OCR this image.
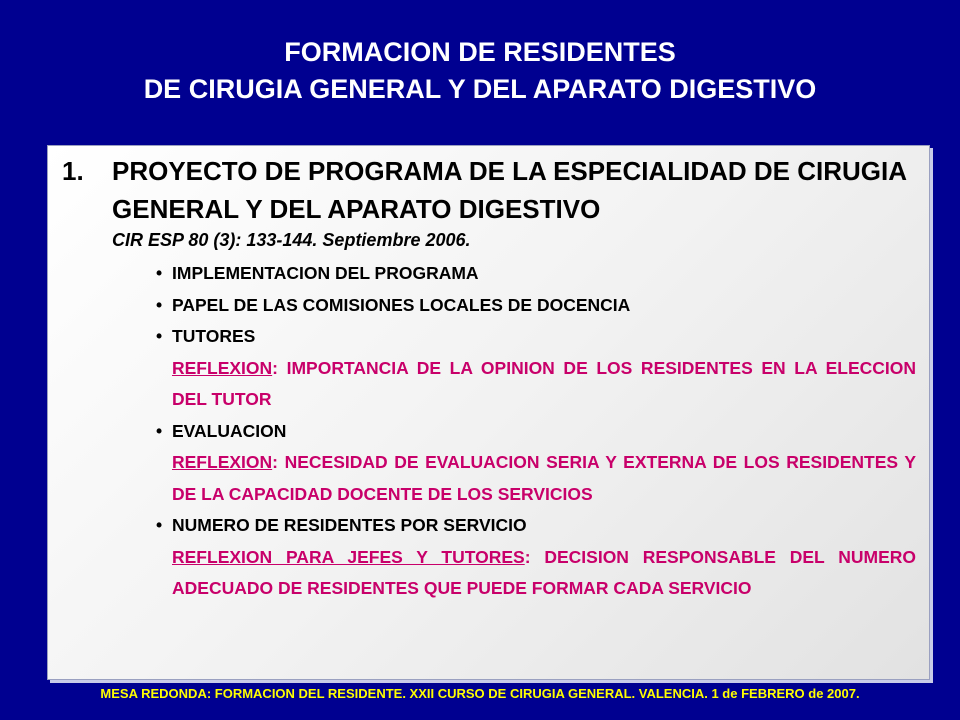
FORMACION DE RESIDENTES
DE CIRUGIA GENERAL Y DEL APARATO DIGESTIVO
1. PROYECTO DE PROGRAMA DE LA ESPECIALIDAD DE CIRUGIA GENERAL Y DEL APARATO DIGESTIVO
CIR ESP 80 (3): 133-144. Septiembre 2006.
• IMPLEMENTACION DEL PROGRAMA
• PAPEL DE LAS COMISIONES LOCALES DE DOCENCIA
• TUTORES
REFLEXION: IMPORTANCIA DE LA OPINION DE LOS RESIDENTES EN LA ELECCION DEL TUTOR
• EVALUACION
REFLEXION: NECESIDAD DE EVALUACION SERIA Y EXTERNA DE LOS RESIDENTES Y DE LA CAPACIDAD DOCENTE DE LOS SERVICIOS
• NUMERO DE RESIDENTES POR SERVICIO
REFLEXION PARA JEFES Y TUTORES: DECISION RESPONSABLE DEL NUMERO ADECUADO DE RESIDENTES QUE PUEDE FORMAR CADA SERVICIO
MESA REDONDA: FORMACION DEL RESIDENTE. XXII CURSO DE CIRUGIA GENERAL. VALENCIA. 1 de FEBRERO de 2007.
